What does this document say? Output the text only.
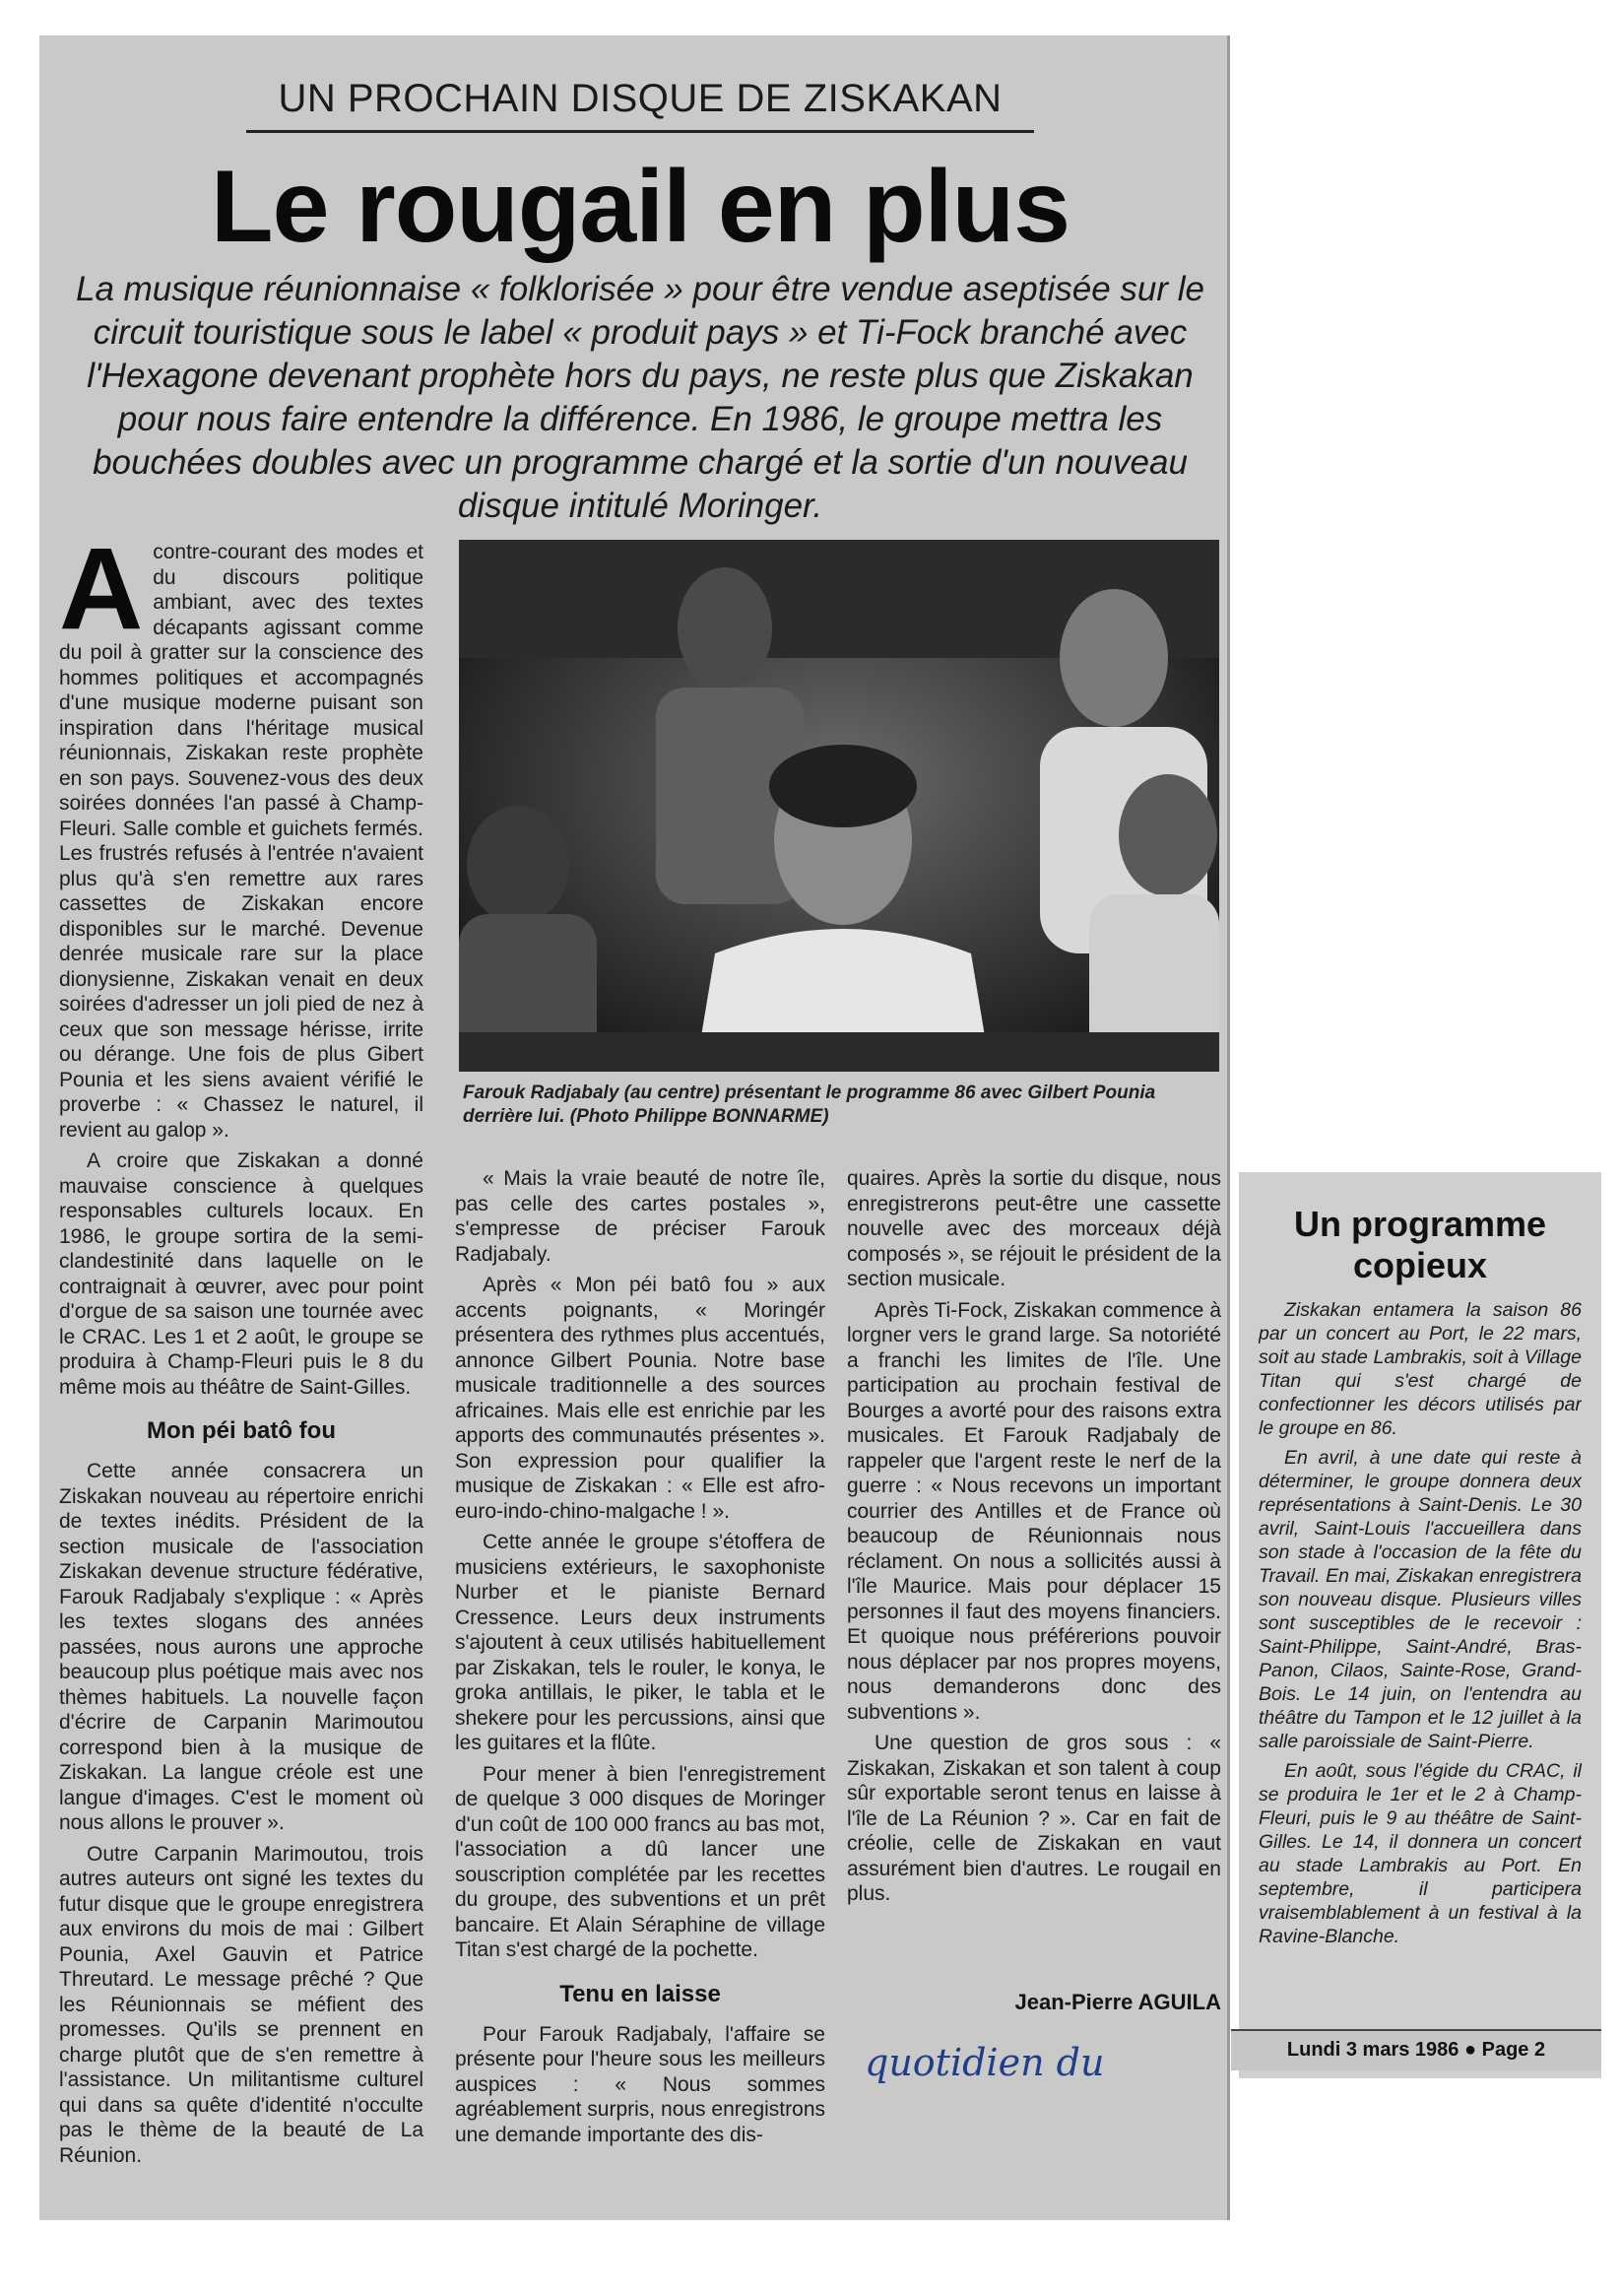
UN PROCHAIN DISQUE DE ZISKAKAN
Le rougail en plus
La musique réunionnaise « folklorisée » pour être vendue aseptisée sur le circuit touristique sous le label « produit pays » et Ti-Fock branché avec l'Hexagone devenant prophète hors du pays, ne reste plus que Ziskakan pour nous faire entendre la différence. En 1986, le groupe mettra les bouchées doubles avec un programme chargé et la sortie d'un nouveau disque intitulé Moringer.
A contre-courant des modes et du discours politique ambiant, avec des textes décapants agissant comme du poil à gratter sur la conscience des hommes politiques et accompagnés d'une musique moderne puisant son inspiration dans l'héritage musical réunionnais, Ziskakan reste prophète en son pays. Souvenez-vous des deux soirées données l'an passé à Champ-Fleuri. Salle comble et guichets fermés. Les frustrés refusés à l'entrée n'avaient plus qu'à s'en remettre aux rares cassettes de Ziskakan encore disponibles sur le marché. Devenue denrée musicale rare sur la place dionysienne, Ziskakan venait en deux soirées d'adresser un joli pied de nez à ceux que son message hérisse, irrite ou dérange. Une fois de plus Gibert Pounia et les siens avaient vérifié le proverbe : « Chassez le naturel, il revient au galop ».

A croire que Ziskakan a donné mauvaise conscience à quelques responsables culturels locaux. En 1986, le groupe sortira de la semi-clandestinité dans laquelle on le contraignait à œuvrer, avec pour point d'orgue de sa saison une tournée avec le CRAC. Les 1 et 2 août, le groupe se produira à Champ-Fleuri puis le 8 du même mois au théâtre de Saint-Gilles.

Mon péi batô fou

Cette année consacrera un Ziskakan nouveau au répertoire enrichi de textes inédits. Président de la section musicale de l'association Ziskakan devenue structure fédérative, Farouk Radjabaly s'explique : « Après les textes slogans des années passées, nous aurons une approche beaucoup plus poétique mais avec nos thèmes habituels. La nouvelle façon d'écrire de Carpanin Marimoutou correspond bien à la musique de Ziskakan. La langue créole est une langue d'images. C'est le moment où nous allons le prouver ».

Outre Carpanin Marimoutou, trois autres auteurs ont signé les textes du futur disque que le groupe enregistrera aux environs du mois de mai : Gilbert Pounia, Axel Gauvin et Patrice Threutard. Le message prêché ? Que les Réunionnais se méfient des promesses. Qu'ils se prennent en charge plutôt que de s'en remettre à l'assistance. Un militantisme culturel qui dans sa quête d'identité n'occulte pas le thème de la beauté de La Réunion.

Farouk Radjabaly (au centre) présentant le programme 86 avec Gilbert Pounia derrière lui. (Photo Philippe BONNARME)

« Mais la vraie beauté de notre île, pas celle des cartes postales », s'empresse de préciser Farouk Radjabaly.

Après « Mon péi batô fou » aux accents poignants, « Moringér présentera des rythmes plus accentués, annonce Gilbert Pounia. Notre base musicale traditionnelle a des sources africaines. Mais elle est enrichie par les apports des communautés présentes ». Son expression pour qualifier la musique de Ziskakan : « Elle est afro-euro-indo-chino-malgache ! ».

Cette année le groupe s'étoffera de musiciens extérieurs, le saxophoniste Nurber et le pianiste Bernard Cressence. Leurs deux instruments s'ajoutent à ceux utilisés habituellement par Ziskakan, tels le rouler, le konya, le groka antillais, le piker, le tabla et le shekere pour les percussions, ainsi que les guitares et la flûte.

Pour mener à bien l'enregistrement de quelque 3 000 disques de Moringer d'un coût de 100 000 francs au bas mot, l'association a dû lancer une souscription complétée par les recettes du groupe, des subventions et un prêt bancaire. Et Alain Séraphine de village Titan s'est chargé de la pochette.

Tenu en laisse

Pour Farouk Radjabaly, l'affaire se présente pour l'heure sous les meilleurs auspices : « Nous sommes agréablement surpris, nous enregistrons une demande importante des dis-

quaires. Après la sortie du disque, nous enregistrerons peut-être une cassette nouvelle avec des morceaux déjà composés », se réjouit le président de la section musicale.

Après Ti-Fock, Ziskakan commence à lorgner vers le grand large. Sa notoriété a franchi les limites de l'île. Une participation au prochain festival de Bourges a avorté pour des raisons extra musicales. Et Farouk Radjabaly de rappeler que l'argent reste le nerf de la guerre : « Nous recevons un important courrier des Antilles et de France où beaucoup de Réunionnais nous réclament. On nous a sollicités aussi à l'île Maurice. Mais pour déplacer 15 personnes il faut des moyens financiers. Et quoique nous préférerions pouvoir nous déplacer par nos propres moyens, nous demanderons donc des subventions ».

Une question de gros sous : « Ziskakan, Ziskakan et son talent à coup sûr exportable seront tenus en laisse à l'île de La Réunion ? ». Car en fait de créolie, celle de Ziskakan en vaut assurément bien d'autres. Le rougail en plus.

Jean-Pierre AGUILA
Un programme copieux

Ziskakan entamera la saison 86 par un concert au Port, le 22 mars, soit au stade Lambrakis, soit à Village Titan qui s'est chargé de confectionner les décors utilisés par le groupe en 86.

En avril, à une date qui reste à déterminer, le groupe donnera deux représentations à Saint-Denis. Le 30 avril, Saint-Louis l'accueillera dans son stade à l'occasion de la fête du Travail. En mai, Ziskakan enregistrera son nouveau disque. Plusieurs villes sont susceptibles de le recevoir : Saint-Philippe, Saint-André, Bras-Panon, Cilaos, Sainte-Rose, Grand-Bois. Le 14 juin, on l'entendra au théâtre du Tampon et le 12 juillet à la salle paroissiale de Saint-Pierre.

En août, sous l'égide du CRAC, il se produira le 1er et le 2 à Champ-Fleuri, puis le 9 au théâtre de Saint-Gilles. Le 14, il donnera un concert au stade Lambrakis au Port. En septembre, il participera vraisemblablement à un festival à la Ravine-Blanche.

Lundi 3 mars 1986 ● Page 2
quotidien du
